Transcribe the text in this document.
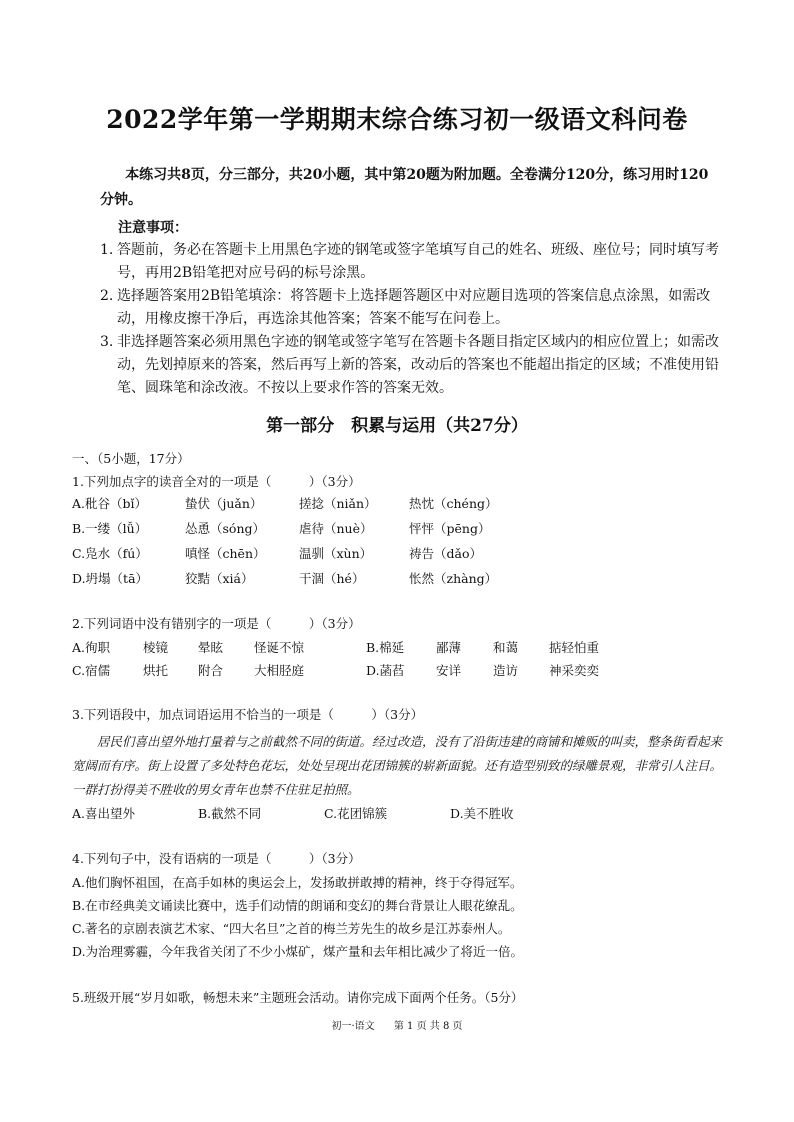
2022学年第一学期期末综合练习初一级语文科问卷
本练习共8页，分三部分，共20小题，其中第20题为附加题。全卷满分120分，练习用时120分钟。
注意事项：
1. 答题前，务必在答题卡上用黑色字迹的钢笔或签字笔填写自己的姓名、班级、座位号；同时填写考号，再用2B铅笔把对应号码的标号涂黑。
2. 选择题答案用2B铅笔填涂：将答题卡上选择题答题区中对应题目选项的答案信息点涂黑，如需改动，用橡皮擦干净后，再选涂其他答案；答案不能写在问卷上。
3. 非选择题答案必须用黑色字迹的钢笔或签字笔写在答题卡各题目指定区域内的相应位置上；如需改动，先划掉原来的答案，然后再写上新的答案，改动后的答案也不能超出指定的区域；不准使用铅笔、圆珠笔和涂改液。不按以上要求作答的答案无效。
第一部分　积累与运用（共27分）
一、（5小题，17分）
1.下列加点字的读音全对的一项是（　　　）（3分）
A.秕谷（bǐ）	蛰伏（juǎn）	搓捻（niǎn）	热忱（chéng）
B.一缕（lǚ）	怂恿（sóng）	虐待（nuè）	怦怦（pēng）
C.凫水（fú）	嗔怪（chēn）	温驯（xùn）	祷告（dǎo）
D.坍塌（tā）	狡黠（xiá）	干涸（hé）	怅然（zhàng）
2.下列词语中没有错别字的一项是（　　　）（3分）
A.徇职	棱镜 晕眩 怪诞不惊	B.棉延	鄙薄	和蔼 掂轻怕重
C.宿儒	烘托 附合 大相胫庭	D.菡萏	安详	造访 神采奕奕
3.下列语段中，加点词语运用不恰当的一项是（　　　）（3分）
居民们喜出望外地打量着与之前截然不同的街道。经过改造，没有了沿街违建的商铺和摊贩的叫卖，整条街看起来宽阔而有序。街上设置了多处特色花坛，处处呈现出花团锦簇的崭新面貌。还有造型别致的绿雕景观，非常引人注目。一群打扮得美不胜收的男女青年也禁不住驻足拍照。
A.喜出望外	B.截然不同	C.花团锦簇	D.美不胜收
4.下列句子中，没有语病的一项是（　　　）（3分）
A.他们胸怀祖国，在高手如林的奥运会上，发扬敢拼敢搏的精神，终于夺得冠军。
B.在市经典美文诵读比赛中，选手们动情的朗诵和变幻的舞台背景让人眼花缭乱。
C.著名的京剧表演艺术家、“四大名旦”之首的梅兰芳先生的故乡是江苏泰州人。
D.为治理雾霾，今年我省关闭了不少小煤矿，煤产量和去年相比减少了将近一倍。
5.班级开展“岁月如歌，畅想未来”主题班会活动。请你完成下面两个任务。（5分）
初一·语文 第 1 页 共 8 页
